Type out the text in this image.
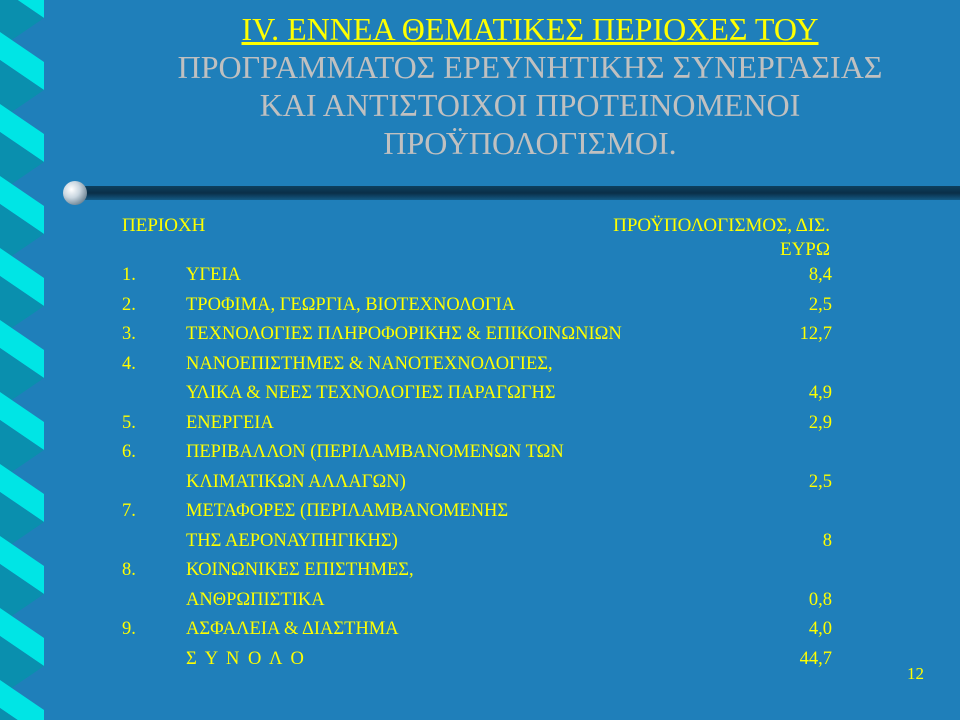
IV. ΕΝΝΕΑ ΘΕΜΑΤΙΚΕΣ ΠΕΡΙΟΧΕΣ ΤΟΥ
ΠΡΟΓΡΑΜΜΑΤΟΣ ΕΡΕΥΝΗΤΙΚΗΣ ΣΥΝΕΡΓΑΣΙΑΣ
ΚΑΙ ΑΝΤΙΣΤΟΙΧΟΙ ΠΡΟΤΕΙΝΟΜΕΝΟΙ
ΠΡΟΫΠΟΛΟΓΙΣΜΟΙ.
ΠΕΡΙΟΧΗ	ΠΡΟΫΠΟΛΟΓΙΣΜΟΣ, ΔΙΣ. ΕΥΡΩ
1.	ΥΓΕΙΑ	8,4
2.	ΤΡΟΦΙΜΑ, ΓΕΩΡΓΙΑ, ΒΙΟΤΕΧΝΟΛΟΓΙΑ	2,5
3.	ΤΕΧΝΟΛΟΓΙΕΣ ΠΛΗΡΟΦΟΡΙΚΗΣ & ΕΠΙΚΟΙΝΩΝΙΩΝ	12,7
4.	ΝΑΝΟΕΠΙΣΤΗΜΕΣ & ΝΑΝΟΤΕΧΝΟΛΟΓΙΕΣ,
ΥΛΙΚΑ & ΝΕΕΣ ΤΕΧΝΟΛΟΓΙΕΣ ΠΑΡΑΓΩΓΗΣ	4,9
5.	ΕΝΕΡΓΕΙΑ	2,9
6.	ΠΕΡΙΒΑΛΛΟΝ (ΠΕΡΙΛΑΜΒΑΝΟΜΕΝΩΝ ΤΩΝ
ΚΛΙΜΑΤΙΚΩΝ ΑΛΛΑΓΩΝ)	2,5
7.	ΜΕΤΑΦΟΡΕΣ (ΠΕΡΙΛΑΜΒΑΝΟΜΕΝΗΣ
ΤΗΣ ΑΕΡΟΝΑΥΠΗΓΙΚΗΣ)	8
8.	ΚΟΙΝΩΝΙΚΕΣ ΕΠΙΣΤΗΜΕΣ,
ΑΝΘΡΩΠΙΣΤΙΚΑ	0,8
9.	ΑΣΦΑΛΕΙΑ & ΔΙΑΣΤΗΜΑ	4,0
Σ Υ Ν Ο Λ Ο	44,7
12
